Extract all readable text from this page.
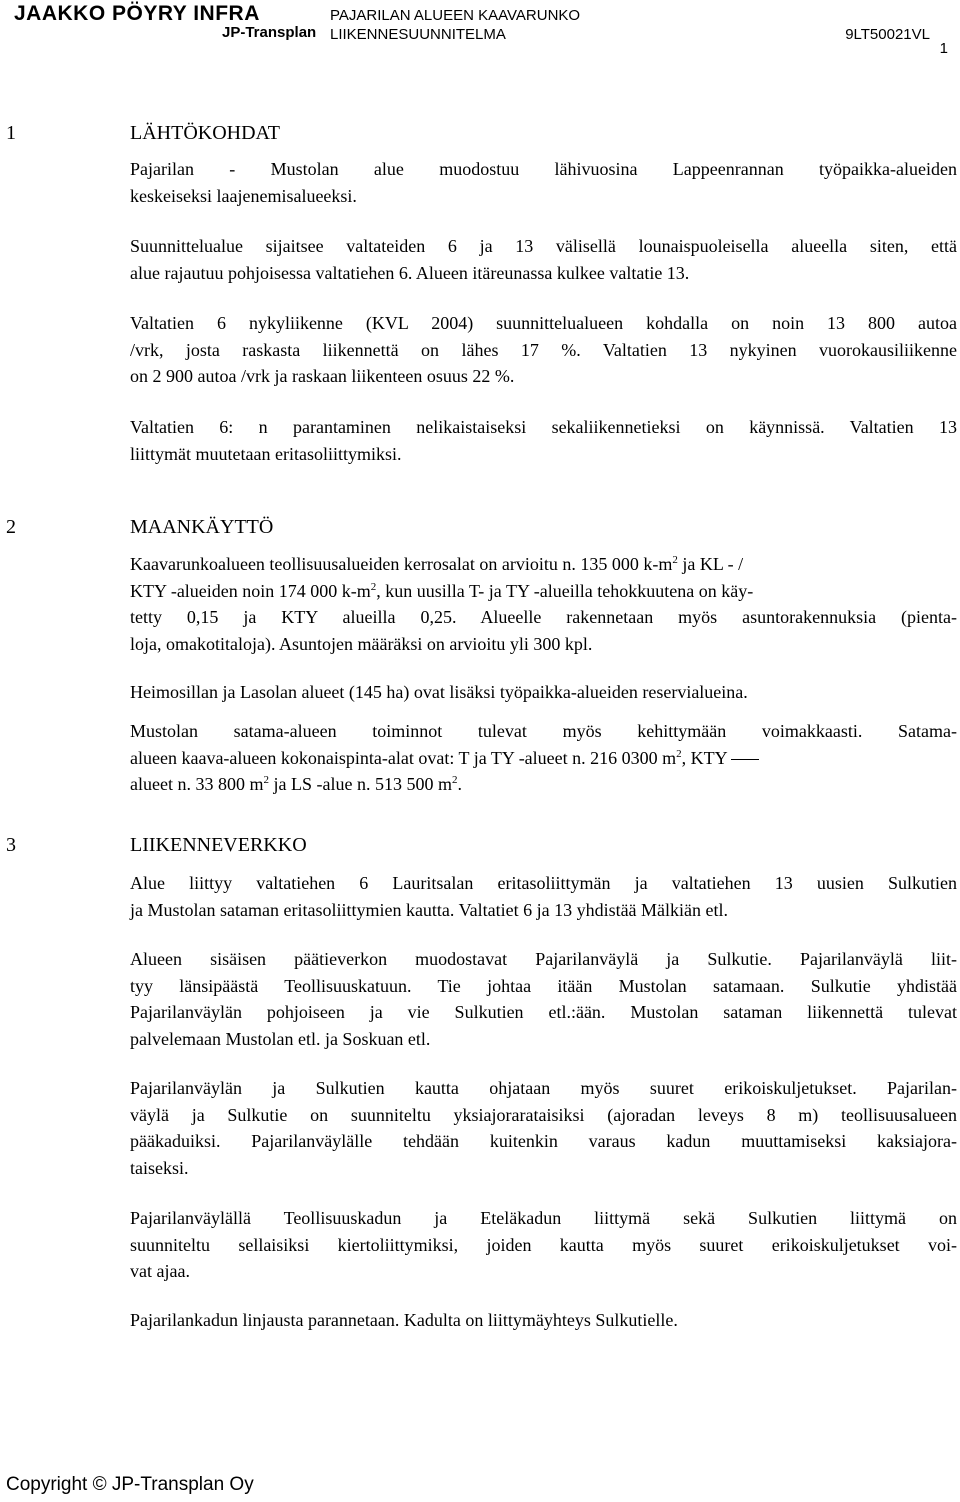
JAAKKO PÖYRY INFRA
JP-Transplan
PAJARILAN ALUEEN KAAVARUNKO
LIIKENNESUUNNITELMA	9LT50021VL
1
1	LÄHTÖKOHDAT
Pajarilan - Mustolan alue muodostuu lähivuosina Lappeenrannan työpaikka-alueiden
keskeiseksi laajenemisalueeksi.
Suunnittelualue sijaitsee valtateiden 6 ja 13 välisellä lounaispuoleisella alueella siten, että
alue rajautuu pohjoisessa valtatiehen 6. Alueen itäreunassa kulkee valtatie 13.
Valtatien 6 nykyliikenne (KVL 2004) suunnittelualueen kohdalla on noin 13 800 autoa
/vrk, josta raskasta liikennettä on lähes 17 %. Valtatien 13 nykyinen vuorokausiliikenne
on 2 900 autoa /vrk ja raskaan liikenteen osuus 22 %.
Valtatien 6: n parantaminen nelikaistaiseksi sekaliikennetieksi on käynnissä. Valtatien 13
liittymät muutetaan eritasoliittymiksi.
2	MAANKÄYTTÖ
Kaavarunkoalueen teollisuusalueiden kerrosalat on arvioitu n. 135 000 $k-m^2$ ja KL - /
KTY -alueiden noin 174 000 $k-m^2$, kun uusilla T- ja TY -alueilla tehokkuutena on käy-
tetty 0,15 ja KTY alueilla 0,25. Alueelle rakennetaan myös asuntorakennuksia (pienta-
loja, omakotitaloja). Asuntojen määräksi on arvioitu yli 300 kpl.
Heimosillan ja Lasolan alueet (145 ha) ovat lisäksi työpaikka-alueiden reservialueina.
Mustolan satama-alueen toiminnot tulevat myös kehittymään voimakkaasti. Satama-
alueen kaava-alueen kokonaispinta-alat ovat: T ja TY -alueet n. 216 0300 $m^2$, KTY
alueet n. 33 800 $m^2$ ja LS -alue n. 513 500 $m^2$.
3	LIIKENNEVERKKO
Alue liittyy valtatiehen 6 Lauritsalan eritasoliittymän ja valtatiehen 13 uusien Sulkutien
ja Mustolan sataman eritasoliittymien kautta. Valtatiet 6 ja 13 yhdistää Mälkiän etl.
Alueen sisäisen päätieverkon muodostavat Pajarilanväylä ja Sulkutie. Pajarilanväylä liit-
tyy länsipäästä Teollisuuskatuun. Tie johtaa itään Mustolan satamaan. Sulkutie yhdistää
Pajarilanväylän pohjoiseen ja vie Sulkutien etl.:ään. Mustolan sataman liikennettä tulevat
palvelemaan Mustolan etl. ja Soskuan etl.
Pajarilanväylän ja Sulkutien kautta ohjataan myös suuret erikoiskuljetukset. Pajarilan-
väylä ja Sulkutie on suunniteltu yksiajorarataisiksi (ajoradan leveys 8 m) teollisuusalueen
pääkaduiksi. Pajarilanväylälle tehdään kuitenkin varaus kadun muuttamiseksi kaksiajora-
taiseksi.
Pajarilanväylällä Teollisuuskadun ja Eteläkadun liittymä sekä Sulkutien liittymä on
suunniteltu sellaisiksi kiertoliittymiksi, joiden kautta myös suuret erikoiskuljetukset voi-
vat ajaa.
Pajarilankadun linjausta parannetaan. Kadulta on liittymäyhteys Sulkutielle.
Copyright © JP-Transplan Oy
